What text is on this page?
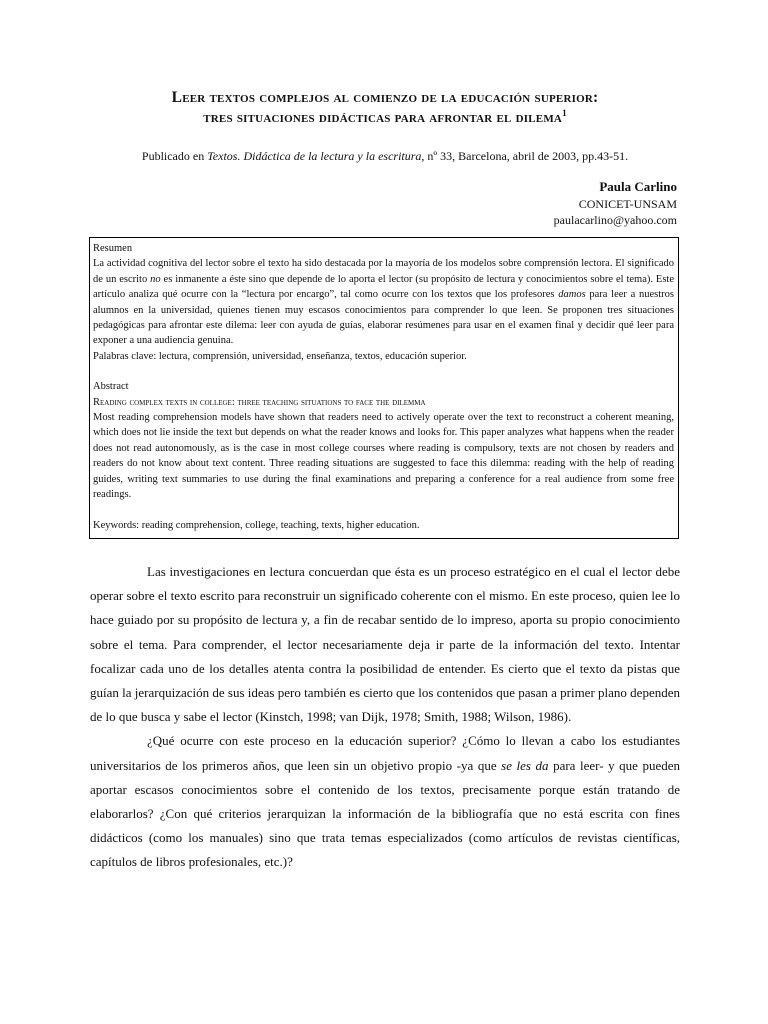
Leer textos complejos al comienzo de la educación superior:
tres situaciones didácticas para afrontar el dilema$^1$
Publicado en Textos. Didáctica de la lectura y la escritura, nº 33, Barcelona, abril de 2003, pp.43-51.
Paula Carlino
CONICET-UNSAM
paulacarlino@yahoo.com

Resumen

La actividad cognitiva del lector sobre el texto ha sido destacada por la mayoría de los modelos sobre comprensión lectora. El significado de un escrito no es inmanente a éste sino que depende de lo aporta el lector (su propósito de lectura y conocimientos sobre el tema). Este artículo analiza qué ocurre con la “lectura por encargo”, tal como ocurre con los textos que los profesores damos para leer a nuestros alumnos en la universidad, quienes tienen muy escasos conocimientos para comprender lo que leen. Se proponen tres situaciones pedagógicas para afrontar este dilema: leer con ayuda de guías, elaborar resúmenes para usar en el examen final y decidir qué leer para exponer a una audiencia genuina.

Palabras clave: lectura, comprensión, universidad, enseñanza, textos, educación superior.

Abstract

Reading complex texts in college: three teaching situations to face the dilemma

Most reading comprehension models have shown that readers need to actively operate over the text to reconstruct a coherent meaning, which does not lie inside the text but depends on what the reader knows and looks for. This paper analyzes what happens when the reader does not read autonomously, as is the case in most college courses where reading is compulsory, texts are not chosen by readers and readers do not know about text content. Three reading situations are suggested to face this dilemma: reading with the help of reading guides, writing text summaries to use during the final examinations and preparing a conference for a real audience from some free readings.

Keywords: reading comprehension, college, teaching, texts, higher education.

Las investigaciones en lectura concuerdan que ésta es un proceso estratégico en el cual el lector debe operar sobre el texto escrito para reconstruir un significado coherente con el mismo. En este proceso, quien lee lo hace guiado por su propósito de lectura y, a fin de recabar sentido de lo impreso, aporta su propio conocimiento sobre el tema. Para comprender, el lector necesariamente deja ir parte de la información del texto. Intentar focalizar cada uno de los detalles atenta contra la posibilidad de entender. Es cierto que el texto da pistas que guían la jerarquización de sus ideas pero también es cierto que los contenidos que pasan a primer plano dependen de lo que busca y sabe el lector (Kinstch, 1998; van Dijk, 1978; Smith, 1988; Wilson, 1986).

¿Qué ocurre con este proceso en la educación superior? ¿Cómo lo llevan a cabo los estudiantes universitarios de los primeros años, que leen sin un objetivo propio -ya que se les da para leer- y que pueden aportar escasos conocimientos sobre el contenido de los textos, precisamente porque están tratando de elaborarlos? ¿Con qué criterios jerarquizan la información de la bibliografía que no está escrita con fines didácticos (como los manuales) sino que trata temas especializados (como artículos de revistas científicas, capítulos de libros profesionales, etc.)?
